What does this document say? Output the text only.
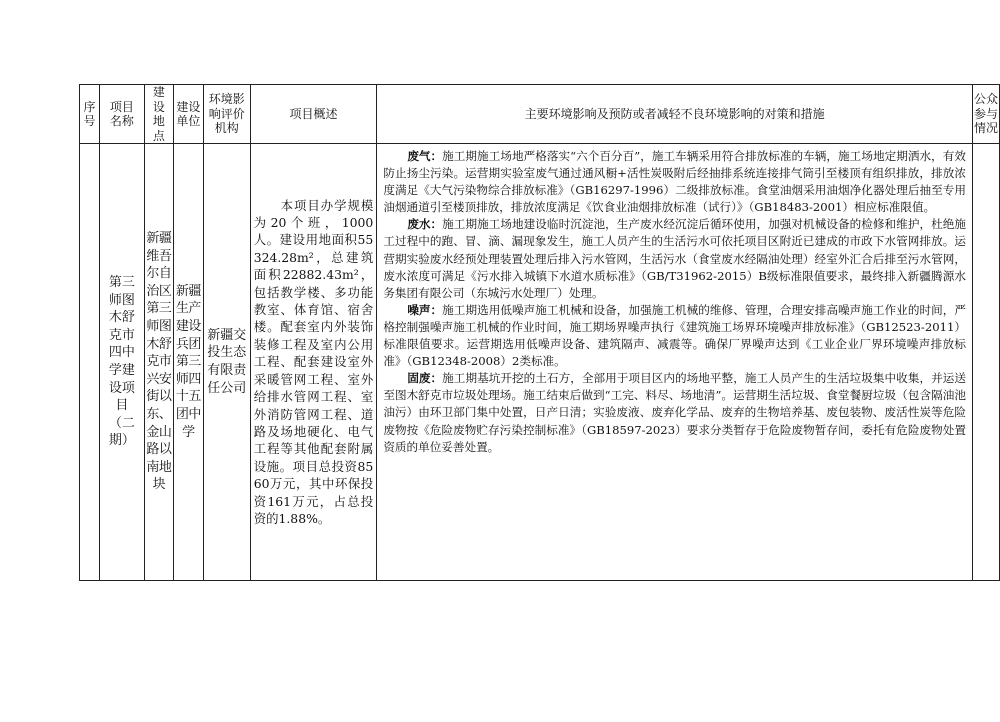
序号	项目名称	建设地点	建设单位	环境影响评价机构	项目概述	主要环境影响及预防或者减轻不良环境影响的对策和措施	公众参与情况
	第三师图木舒克市四中学建设项目（二期）	新疆维吾尔自治区第三师图木舒克市兴安街以东、金山路以南地块	新疆生产建设兵团第三师四十五团中学	新疆交投生态有限责任公司	本项目办学规模为20个班，1000人。建设用地面积55324.28m²，总建筑面积22882.43m²，包括教学楼、多功能教室、体育馆、宿舍楼。配套室内外装饰装修工程及室内公用工程、配套建设室外采暖管网工程、室外给排水管网工程、室外消防管网工程、道路及场地硬化、电气工程等其他配套附属设施。项目总投资8560万元，其中环保投资161万元，占总投资的1.88%。	废气：施工期施工场地严格落实“六个百分百”，施工车辆采用符合排放标准的车辆，施工场地定期洒水，有效防止扬尘污染。运营期实验室废气通过通风橱+活性炭吸附后经抽排系统连接排气筒引至楼顶有组织排放，排放浓度满足《大气污染物综合排放标准》（GB16297-1996）二级排放标准。食堂油烟采用油烟净化器处理后抽至专用油烟通道引至楼顶排放，排放浓度满足《饮食业油烟排放标准（试行）》（GB18483-2001）相应标准限值。

废水：施工期施工场地建设临时沉淀池，生产废水经沉淀后循环使用，加强对机械设备的检修和维护，杜绝施工过程中的跑、冒、滴、漏现象发生，施工人员产生的生活污水可依托项目区附近已建成的市政下水管网排放。运营期实验废水经预处理装置处理后排入污水管网，生活污水（食堂废水经隔油处理）经室外汇合后排至污水管网，废水浓度可满足《污水排入城镇下水道水质标准》（GB/T31962-2015）B级标准限值要求，最终排入新疆腾源水务集团有限公司（东城污水处理厂）处理。

噪声：施工期选用低噪声施工机械和设备，加强施工机械的维修、管理，合理安排高噪声施工作业的时间，严格控制强噪声施工机械的作业时间，施工期场界噪声执行《建筑施工场界环境噪声排放标准》（GB12523-2011）标准限值要求。运营期选用低噪声设备、建筑隔声、减震等。确保厂界噪声达到《工业企业厂界环境噪声排放标准》（GB12348-2008）2类标准。

固废：施工期基坑开挖的土石方，全部用于项目区内的场地平整，施工人员产生的生活垃圾集中收集，并运送至图木舒克市垃圾处理场。施工结束后做到“工完、料尽、场地清”。运营期生活垃圾、食堂餐厨垃圾（包含隔油池油污）由环卫部门集中处置，日产日清；实验废液、废弃化学品、废弃的生物培养基、废包装物、废活性炭等危险废物按《危险废物贮存污染控制标准》（GB18597-2023）要求分类暂存于危险废物暂存间，委托有危险废物处置资质的单位妥善处置。	
